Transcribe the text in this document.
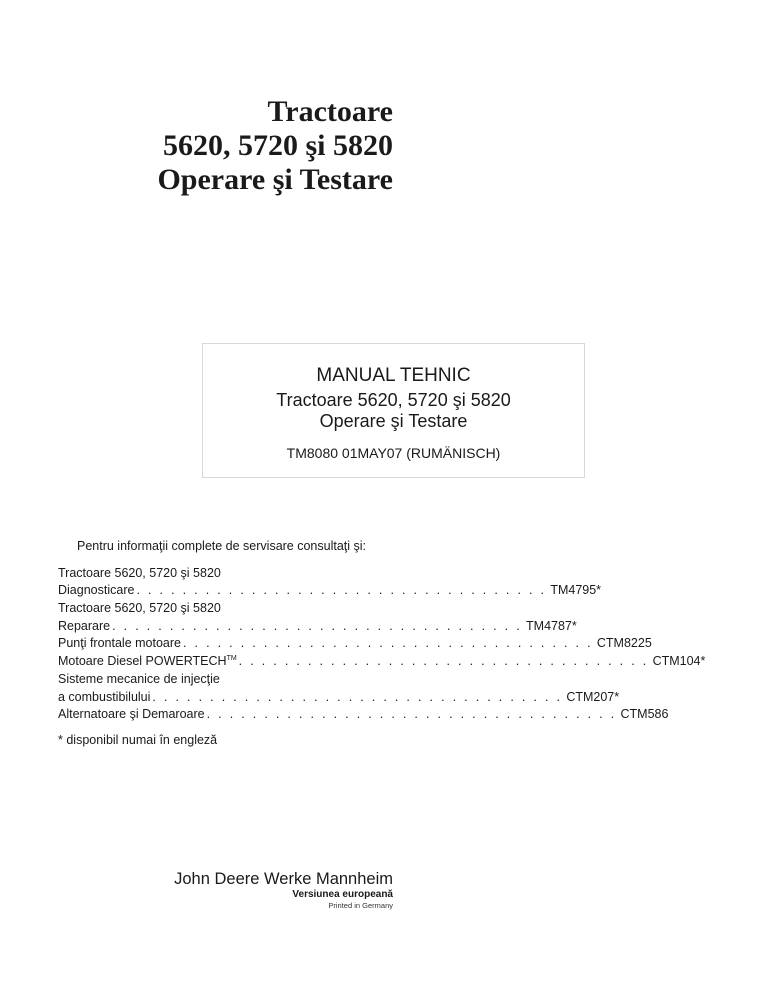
Tractoare
5620, 5720 şi 5820
Operare şi Testare
MANUAL TEHNIC
Tractoare 5620, 5720 şi 5820
Operare şi Testare
TM8080 01MAY07 (RUMÄNISCH)
Pentru informaţii complete de servisare consultaţi şi:
Tractoare 5620, 5720 şi 5820
Diagnosticare . . . . . . . . . . . . . . . . . . . . . . . . . . . . . . . . . . . . TM4795*
Tractoare 5620, 5720 şi 5820
Reparare . . . . . . . . . . . . . . . . . . . . . . . . . . . . . . . . . . . . TM4787*
Punţi frontale motoare . . . . . . . . . . . . . . . . . . . . . . . . . . . . . . . . . . . . CTM8225
Motoare Diesel POWERTECH™ . . . . . . . . . . . . . . . . . . . . . . . . . . . . . . . . . . . . CTM104*
Sisteme mecanice de injecţie
a combustibilului . . . . . . . . . . . . . . . . . . . . . . . . . . . . . . . . . . . . CTM207*
Alternatoare şi Demaroare . . . . . . . . . . . . . . . . . . . . . . . . . . . . . . . . . . . . CTM586
* disponibil numai în engleză
John Deere Werke Mannheim
Versiunea europeană
Printed in Germany
